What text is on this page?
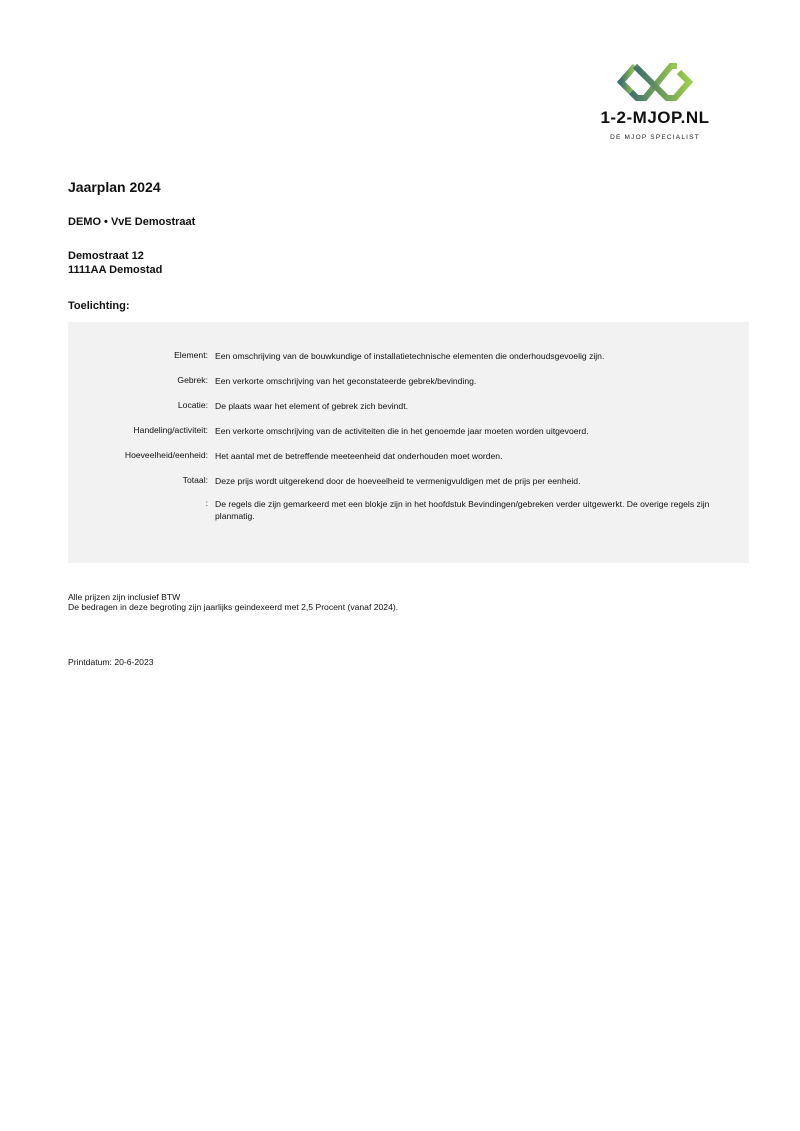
1-2-MJOP.NL
DE MJOP SPECIALIST
Jaarplan 2024
DEMO • VvE Demostraat
Demostraat 12
1111AA Demostad
Toelichting:
Element: Een omschrijving van de bouwkundige of installatietechnische elementen die onderhoudsgevoelig zijn.
Gebrek: Een verkorte omschrijving van het geconstateerde gebrek/bevinding.
Locatie: De plaats waar het element of gebrek zich bevindt.
Handeling/activiteit: Een verkorte omschrijving van de activiteiten die in het genoemde jaar moeten worden uitgevoerd.
Hoeveelheid/eenheid: Het aantal met de betreffende meeteenheid dat onderhouden moet worden.
Totaal: Deze prijs wordt uitgerekend door de hoeveelheid te vermenigvuldigen met de prijs per eenheid.
: De regels die zijn gemarkeerd met een blokje zijn in het hoofdstuk Bevindingen/gebreken verder uitgewerkt. De overige regels zijn planmatig.
Alle prijzen zijn inclusief BTW
De bedragen in deze begroting zijn jaarlijks geindexeerd met 2,5 Procent (vanaf 2024).
Printdatum: 20-6-2023
